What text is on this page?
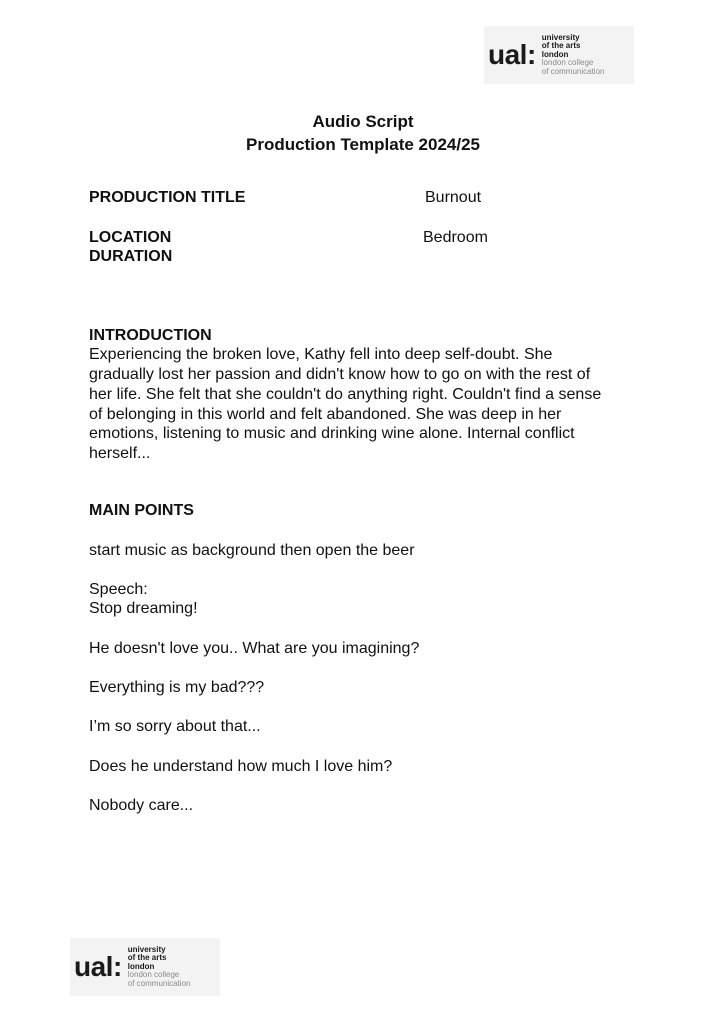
ual:
university
of the arts
london
london college
of communication
Audio Script
Production Template 2024/25
PRODUCTION TITLE	Burnout
LOCATION	Bedroom
DURATION
INTRODUCTION
Experiencing the broken love, Kathy fell into deep self-doubt. She
gradually lost her passion and didn't know how to go on with the rest of
her life. She felt that she couldn't do anything right. Couldn't find a sense
of belonging in this world and felt abandoned. She was deep in her
emotions, listening to music and drinking wine alone. Internal conflict
herself...
MAIN POINTS
start music as background then open the beer
Speech:
Stop dreaming!
He doesn't love you.. What are you imagining?
Everything is my bad???
I’m so sorry about that...
Does he understand how much I love him?
Nobody care...
ual:
university
of the arts
london
london college
of communication
